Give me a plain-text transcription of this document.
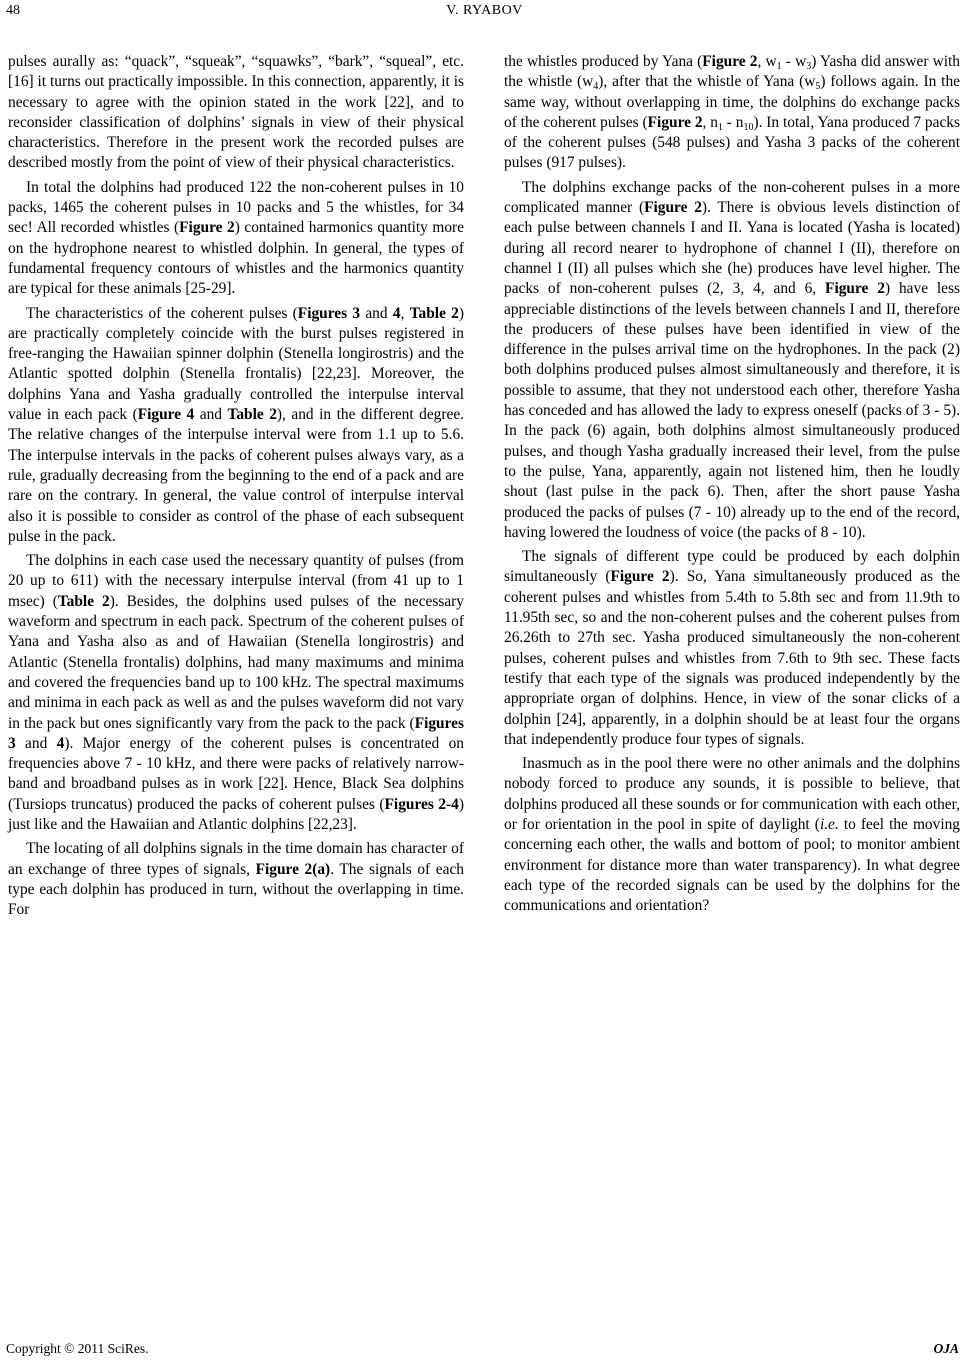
48	V. RYABOV

pulses aurally as: “quack”, “squeak”, “squawks”, “bark”, “squeal”, etc. [16] it turns out practically impossible. In this connection, apparently, it is necessary to agree with the opinion stated in the work [22], and to reconsider classification of dolphins’ signals in view of their physical characteristics. Therefore in the present work the recorded pulses are described mostly from the point of view of their physical characteristics.

In total the dolphins had produced 122 the non-coherent pulses in 10 packs, 1465 the coherent pulses in 10 packs and 5 the whistles, for 34 sec! All recorded whistles (Figure 2) contained harmonics quantity more on the hydrophone nearest to whistled dolphin. In general, the types of fundamental frequency contours of whistles and the harmonics quantity are typical for these animals [25-29].

The characteristics of the coherent pulses (Figures 3 and 4, Table 2) are practically completely coincide with the burst pulses registered in free-ranging the Hawaiian spinner dolphin (Stenella longirostris) and the Atlantic spotted dolphin (Stenella frontalis) [22,23]. Moreover, the dolphins Yana and Yasha gradually controlled the interpulse interval value in each pack (Figure 4 and Table 2), and in the different degree. The relative changes of the interpulse interval were from 1.1 up to 5.6. The interpulse intervals in the packs of coherent pulses always vary, as a rule, gradually decreasing from the beginning to the end of a pack and are rare on the contrary. In general, the value control of interpulse interval also it is possible to consider as control of the phase of each subsequent pulse in the pack.

The dolphins in each case used the necessary quantity of pulses (from 20 up to 611) with the necessary interpulse interval (from 41 up to 1 msec) (Table 2). Besides, the dolphins used pulses of the necessary waveform and spectrum in each pack. Spectrum of the coherent pulses of Yana and Yasha also as and of Hawaiian (Stenella longirostris) and Atlantic (Stenella frontalis) dolphins, had many maximums and minima and covered the frequencies band up to 100 kHz. The spectral maximums and minima in each pack as well as and the pulses waveform did not vary in the pack but ones significantly vary from the pack to the pack (Figures 3 and 4). Major energy of the coherent pulses is concentrated on frequencies above 7 - 10 kHz, and there were packs of relatively narrow-band and broadband pulses as in work [22]. Hence, Black Sea dolphins (Tursiops truncatus) produced the packs of coherent pulses (Figures 2-4) just like and the Hawaiian and Atlantic dolphins [22,23].

The locating of all dolphins signals in the time domain has character of an exchange of three types of signals, Figure 2(a). The signals of each type each dolphin has produced in turn, without the overlapping in time. For

the whistles produced by Yana (Figure 2, $w_1 - w_3$) Yasha did answer with the whistle $(w_4)$, after that the whistle of Yana $(w_5)$ follows again. In the same way, without overlapping in time, the dolphins do exchange packs of the coherent pulses (Figure 2, $n_1 - n_{10}$). In total, Yana produced 7 packs of the coherent pulses (548 pulses) and Yasha 3 packs of the coherent pulses (917 pulses).

The dolphins exchange packs of the non-coherent pulses in a more complicated manner (Figure 2). There is obvious levels distinction of each pulse between channels I and II. Yana is located (Yasha is located) during all record nearer to hydrophone of channel I (II), therefore on channel I (II) all pulses which she (he) produces have level higher. The packs of non-coherent pulses (2, 3, 4, and 6, Figure 2) have less appreciable distinctions of the levels between channels I and II, therefore the producers of these pulses have been identified in view of the difference in the pulses arrival time on the hydrophones. In the pack (2) both dolphins produced pulses almost simultaneously and therefore, it is possible to assume, that they not understood each other, therefore Yasha has conceded and has allowed the lady to express oneself (packs of 3 - 5). In the pack (6) again, both dolphins almost simultaneously produced pulses, and though Yasha gradually increased their level, from the pulse to the pulse, Yana, apparently, again not listened him, then he loudly shout (last pulse in the pack 6). Then, after the short pause Yasha produced the packs of pulses (7 - 10) already up to the end of the record, having lowered the loudness of voice (the packs of 8 - 10).

The signals of different type could be produced by each dolphin simultaneously (Figure 2). So, Yana simultaneously produced as the coherent pulses and whistles from 5.4th to 5.8th sec and from 11.9th to 11.95th sec, so and the non-coherent pulses and the coherent pulses from 26.26th to 27th sec. Yasha produced simultaneously the non-coherent pulses, coherent pulses and whistles from 7.6th to 9th sec. These facts testify that each type of the signals was produced independently by the appropriate organ of dolphins. Hence, in view of the sonar clicks of a dolphin [24], apparently, in a dolphin should be at least four the organs that independently produce four types of signals.

Inasmuch as in the pool there were no other animals and the dolphins nobody forced to produce any sounds, it is possible to believe, that dolphins produced all these sounds or for communication with each other, or for orientation in the pool in spite of daylight (i.e. to feel the moving concerning each other, the walls and bottom of pool; to monitor ambient environment for distance more than water transparency). In what degree each type of the recorded signals can be used by the dolphins for the communications and orientation?

Copyright © 2011 SciRes.	OJA
